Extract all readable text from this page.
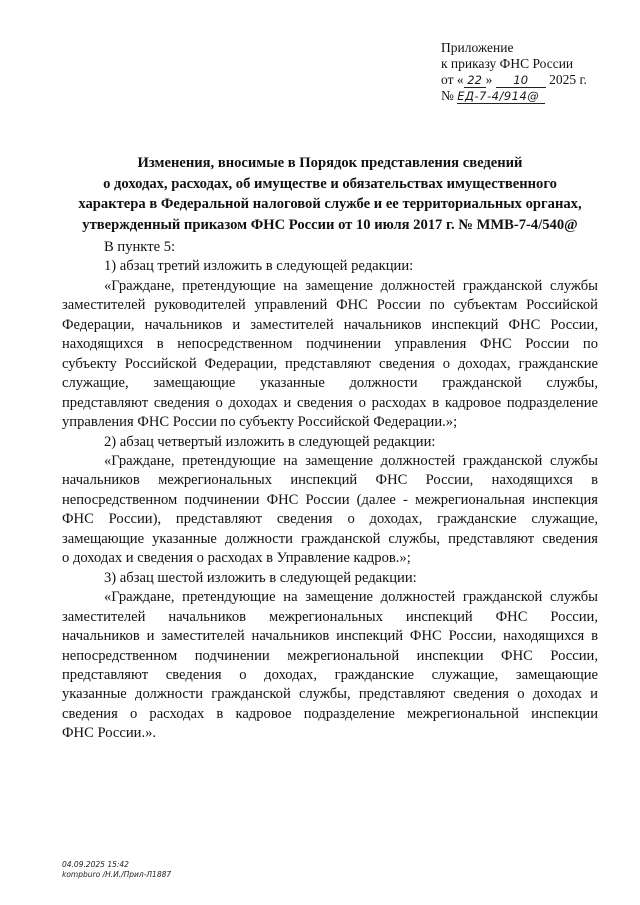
Приложение
к приказу ФНС России
от « 22 » 10 2025 г.
№ ЕД-7-4/914@
Изменения, вносимые в Порядок представления сведений
о доходах, расходах, об имуществе и обязательствах имущественного
характера в Федеральной налоговой службе и ее территориальных органах,
утвержденный приказом ФНС России от 10 июля 2017 г. № ММВ-7-4/540@
В пункте 5:
1) абзац третий изложить в следующей редакции:
«Граждане, претендующие на замещение должностей гражданской службы
заместителей руководителей управлений ФНС России по субъектам Российской
Федерации, начальников и заместителей начальников инспекций ФНС России,
находящихся в непосредственном подчинении управления ФНС России по
субъекту Российской Федерации, представляют сведения о доходах, гражданские
служащие, замещающие указанные должности гражданской службы,
представляют сведения о доходах и сведения о расходах в кадровое подразделение
управления ФНС России по субъекту Российской Федерации.»;
2) абзац четвертый изложить в следующей редакции:
«Граждане, претендующие на замещение должностей гражданской службы
начальников межрегиональных инспекций ФНС России, находящихся в
непосредственном подчинении ФНС России (далее - межрегиональная инспекция
ФНС России), представляют сведения о доходах, гражданские служащие,
замещающие указанные должности гражданской службы, представляют сведения
о доходах и сведения о расходах в Управление кадров.»;
3) абзац шестой изложить в следующей редакции:
«Граждане, претендующие на замещение должностей гражданской службы
заместителей начальников межрегиональных инспекций ФНС России,
начальников и заместителей начальников инспекций ФНС России, находящихся в
непосредственном подчинении межрегиональной инспекции ФНС России,
представляют сведения о доходах, гражданские служащие, замещающие
указанные должности гражданской службы, представляют сведения о доходах и
сведения о расходах в кадровое подразделение межрегиональной инспекции
ФНС России.».
04.09.2025 15:42
kompburo /Н.И./Прил-Л1887
